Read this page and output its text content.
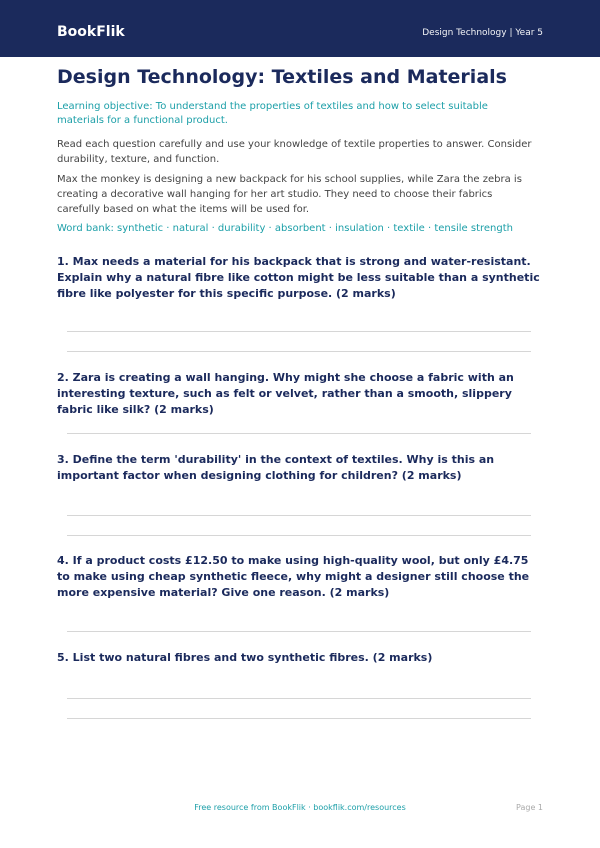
BookFlik	Design Technology | Year 5
Design Technology: Textiles and Materials
Learning objective: To understand the properties of textiles and how to select suitable materials for a functional product.
Read each question carefully and use your knowledge of textile properties to answer. Consider durability, texture, and function.
Max the monkey is designing a new backpack for his school supplies, while Zara the zebra is creating a decorative wall hanging for her art studio. They need to choose their fabrics carefully based on what the items will be used for.
Word bank: synthetic · natural · durability · absorbent · insulation · textile · tensile strength
1. Max needs a material for his backpack that is strong and water-resistant. Explain why a natural fibre like cotton might be less suitable than a synthetic fibre like polyester for this specific purpose. (2 marks)
2. Zara is creating a wall hanging. Why might she choose a fabric with an interesting texture, such as felt or velvet, rather than a smooth, slippery fabric like silk? (2 marks)
3. Define the term 'durability' in the context of textiles. Why is this an important factor when designing clothing for children? (2 marks)
4. If a product costs £12.50 to make using high-quality wool, but only £4.75 to make using cheap synthetic fleece, why might a designer still choose the more expensive material? Give one reason. (2 marks)
5. List two natural fibres and two synthetic fibres. (2 marks)
Free resource from BookFlik · bookflik.com/resources	Page 1
